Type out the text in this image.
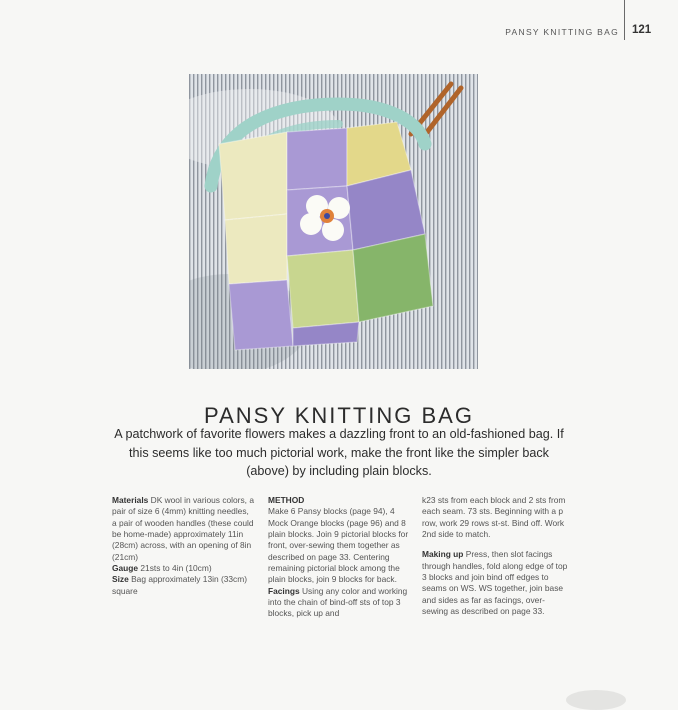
PANSY KNITTING BAG 121
PANSY KNITTING BAG
A patchwork of favorite flowers makes a dazzling front to an old-fashioned bag. If this seems like too much pictorial work, make the front like the simpler back (above) by including plain blocks.

Materials DK wool in various colors, a pair of size 6 (4mm) knitting needles, a pair of wooden handles (these could be home-made) approximately 11in (28cm) across, with an opening of 8in (21cm)

Gauge 21sts to 4in (10cm)

Size Bag approximately 13in (33cm) square

METHOD

Make 6 Pansy blocks (page 94), 4 Mock Orange blocks (page 96) and 8 plain blocks. Join 9 pictorial blocks for front, over-sewing them together as described on page 33. Centering remaining pictorial block among the plain blocks, join 9 blocks for back.

Facings Using any color and working into the chain of bind-off sts of top 3 blocks, pick up and

k23 sts from each block and 2 sts from each seam. 73 sts. Beginning with a p row, work 29 rows st-st. Bind off. Work 2nd side to match.

Making up Press, then slot facings through handles, fold along edge of top 3 blocks and join bind off edges to seams on WS. WS together, join base and sides as far as facings, over-sewing as described on page 33.
